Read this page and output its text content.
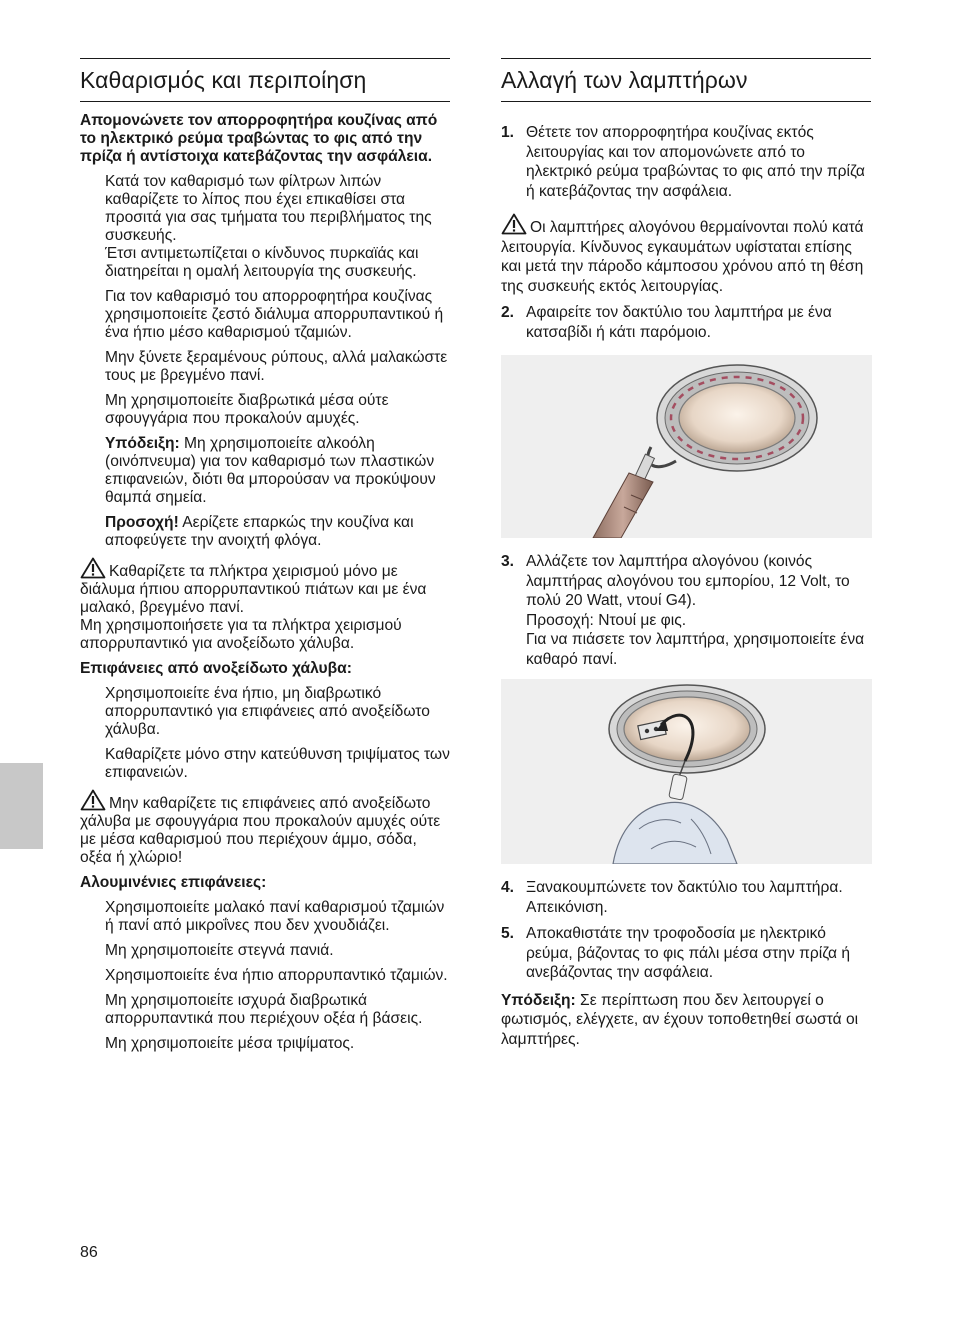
Καθαρισμός και περιποίηση

Απομονώνετε τον απορροφητήρα κουζίνας από το ηλεκτρικό ρεύμα τραβώντας το φις από την πρίζα ή αντίστοιχα κατεβάζοντας την ασφάλεια.

Κατά τον καθαρισμό των φίλτρων λιπών καθαρίζετε το λίπος που έχει επικαθίσει στα προσιτά για σας τμήματα του περιβλήματος της συσκευής.
Έτσι αντιμετωπίζεται ο κίνδυνος πυρκαϊάς και διατηρείται η ομαλή λειτουργία της συσκευής.

Για τον καθαρισμό του απορροφητήρα κουζίνας χρησιμοποιείτε ζεστό διάλυμα απορρυπαντικού ή ένα ήπιο μέσο καθαρισμού τζαμιών.

Μην ξύνετε ξεραμένους ρύπους, αλλά μαλακώστε τους με βρεγμένο πανί.

Μη χρησιμοποιείτε διαβρωτικά μέσα ούτε σφουγγάρια που προκαλούν αμυχές.

Υπόδειξη: Μη χρησιμοποιείτε αλκοόλη (οινόπνευμα) για τον καθαρισμό των πλαστικών επιφανειών, διότι θα μπορούσαν να προκύψουν θαμπά σημεία.

Προσοχή! Αερίζετε επαρκώς την κουζίνα και αποφεύγετε την ανοιχτή φλόγα.

Καθαρίζετε τα πλήκτρα χειρισμού μόνο με διάλυμα ήπιου απορρυπαντικού πιάτων και με ένα μαλακό, βρεγμένο πανί.
Μη χρησιμοποιήσετε για τα πλήκτρα χειρισμού απορρυπαντικό για ανοξείδωτο χάλυβα.

Επιφάνειες από ανοξείδωτο χάλυβα:

Χρησιμοποιείτε ένα ήπιο, μη διαβρωτικό απορρυπαντικό για επιφάνειες από ανοξείδωτο χάλυβα.

Καθαρίζετε μόνο στην κατεύθυνση τριψίματος των επιφανειών.

Μην καθαρίζετε τις επιφάνειες από ανοξείδωτο χάλυβα με σφουγγάρια που προκαλούν αμυχές ούτε με μέσα καθαρισμού που περιέχουν άμμο, σόδα, οξέα ή χλώριο!

Αλουμινένιες επιφάνειες:

Χρησιμοποιείτε μαλακό πανί καθαρισμού τζαμιών ή πανί από μικροΐνες που δεν χνουδιάζει.

Μη χρησιμοποιείτε στεγνά πανιά.

Χρησιμοποιείτε ένα ήπιο απορρυπαντικό τζαμιών.

Μη χρησιμοποιείτε ισχυρά διαβρωτικά απορρυπαντικά που περιέχουν οξέα ή βάσεις.

Μη χρησιμοποιείτε μέσα τριψίματος.

Αλλαγή των λαμπτήρων
1. Θέτετε τον απορροφητήρα κουζίνας εκτός λειτουργίας και τον απομονώνετε από το ηλεκτρικό ρεύμα τραβώντας το φις από την πρίζα ή κατεβάζοντας την ασφάλεια.

Οι λαμπτήρες αλογόνου θερμαίνονται πολύ κατά λειτουργία. Κίνδυνος εγκαυμάτων υφίσταται επίσης και μετά την πάροδο κάμποσου χρόνου από τη θέση της συσκευής εκτός λειτουργίας.

2. Αφαιρείτε τον δακτύλιο του λαμπτήρα με ένα κατσαβίδι ή κάτι παρόμοιο.
3. Αλλάζετε τον λαμπτήρα αλογόνου (κοινός λαμπτήρας αλογόνου του εμπορίου, 12 Volt, το πολύ 20 Watt, ντουί G4).
Προσοχή: Ντουί με φις.
Για να πιάσετε τον λαμπτήρα, χρησιμοποιείτε ένα καθαρό πανί.
4. Ξανακουμπώνετε τον δακτύλιο του λαμπτήρα. Απεικόνιση.
5. Αποκαθιστάτε την τροφοδοσία με ηλεκτρικό ρεύμα, βάζοντας το φις πάλι μέσα στην πρίζα ή ανεβάζοντας την ασφάλεια.

Υπόδειξη: Σε περίπτωση που δεν λειτουργεί ο φωτισμός, ελέγχετε, αν έχουν τοποθετηθεί σωστά οι λαμπτήρες.

86
